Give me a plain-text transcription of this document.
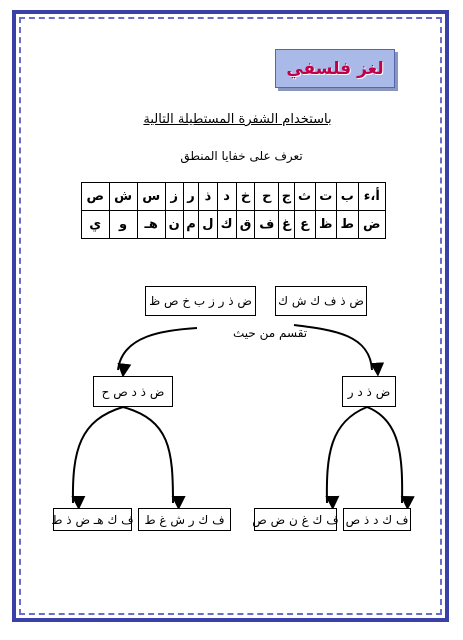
لغز فلسفي
باستخدام الشفرة المستطيلة التالية
تعرف على خفايا المنطق
أ،ء	ب	ت	ث	ج	ح	خ	د	ذ	ر	ز	س	ش	ص
ض	ط	ظ	ع	غ	ف	ق	ك	ل	م	ن	هـ	و	ي
ض ذ ر ز ب خ ص ظ	ض ذ ف ك ش ك
تقسم من حيث
ض ذ د ص ح	ض ذ د ر
ف ك هـ ض ذ ط ف ك ر ش غ ط	ف ك غ ن ض ص ف ك د ذ ص
